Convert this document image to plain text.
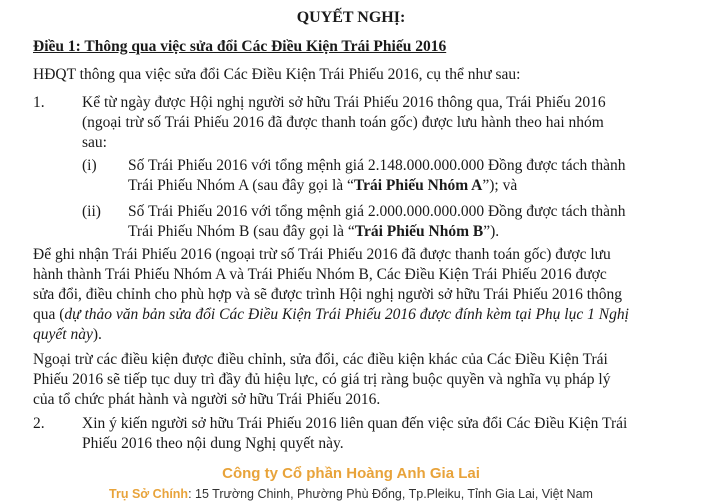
QUYẾT NGHỊ:
Điều 1: Thông qua việc sửa đổi Các Điều Kiện Trái Phiếu 2016
HĐQT thông qua việc sửa đổi Các Điều Kiện Trái Phiếu 2016, cụ thể như sau:
1. Kể từ ngày được Hội nghị người sở hữu Trái Phiếu 2016 thông qua, Trái Phiếu 2016
(ngoại trừ số Trái Phiếu 2016 đã được thanh toán gốc) được lưu hành theo hai nhóm
sau:
(i) Số Trái Phiếu 2016 với tổng mệnh giá 2.148.000.000.000 Đồng được tách thành
Trái Phiếu Nhóm A (sau đây gọi là “Trái Phiếu Nhóm A”); và
(ii) Số Trái Phiếu 2016 với tổng mệnh giá 2.000.000.000.000 Đồng được tách thành
Trái Phiếu Nhóm B (sau đây gọi là “Trái Phiếu Nhóm B”).
Để ghi nhận Trái Phiếu 2016 (ngoại trừ số Trái Phiếu 2016 đã được thanh toán gốc) được lưu
hành thành Trái Phiếu Nhóm A và Trái Phiếu Nhóm B, Các Điều Kiện Trái Phiếu 2016 được
sửa đổi, điều chỉnh cho phù hợp và sẽ được trình Hội nghị người sở hữu Trái Phiếu 2016 thông
qua (dự thảo văn bản sửa đổi Các Điều Kiện Trái Phiếu 2016 được đính kèm tại Phụ lục 1 Nghị
quyết này).
Ngoại trừ các điều kiện được điều chỉnh, sửa đổi, các điều kiện khác của Các Điều Kiện Trái
Phiếu 2016 sẽ tiếp tục duy trì đầy đủ hiệu lực, có giá trị ràng buộc quyền và nghĩa vụ pháp lý
của tổ chức phát hành và người sở hữu Trái Phiếu 2016.
2. Xin ý kiến người sở hữu Trái Phiếu 2016 liên quan đến việc sửa đổi Các Điều Kiện Trái
Phiếu 2016 theo nội dung Nghị quyết này.
Công ty Cổ phần Hoàng Anh Gia Lai
Trụ Sở Chính: 15 Trường Chinh, Phường Phù Đổng, Tp.Pleiku, Tỉnh Gia Lai, Việt Nam
